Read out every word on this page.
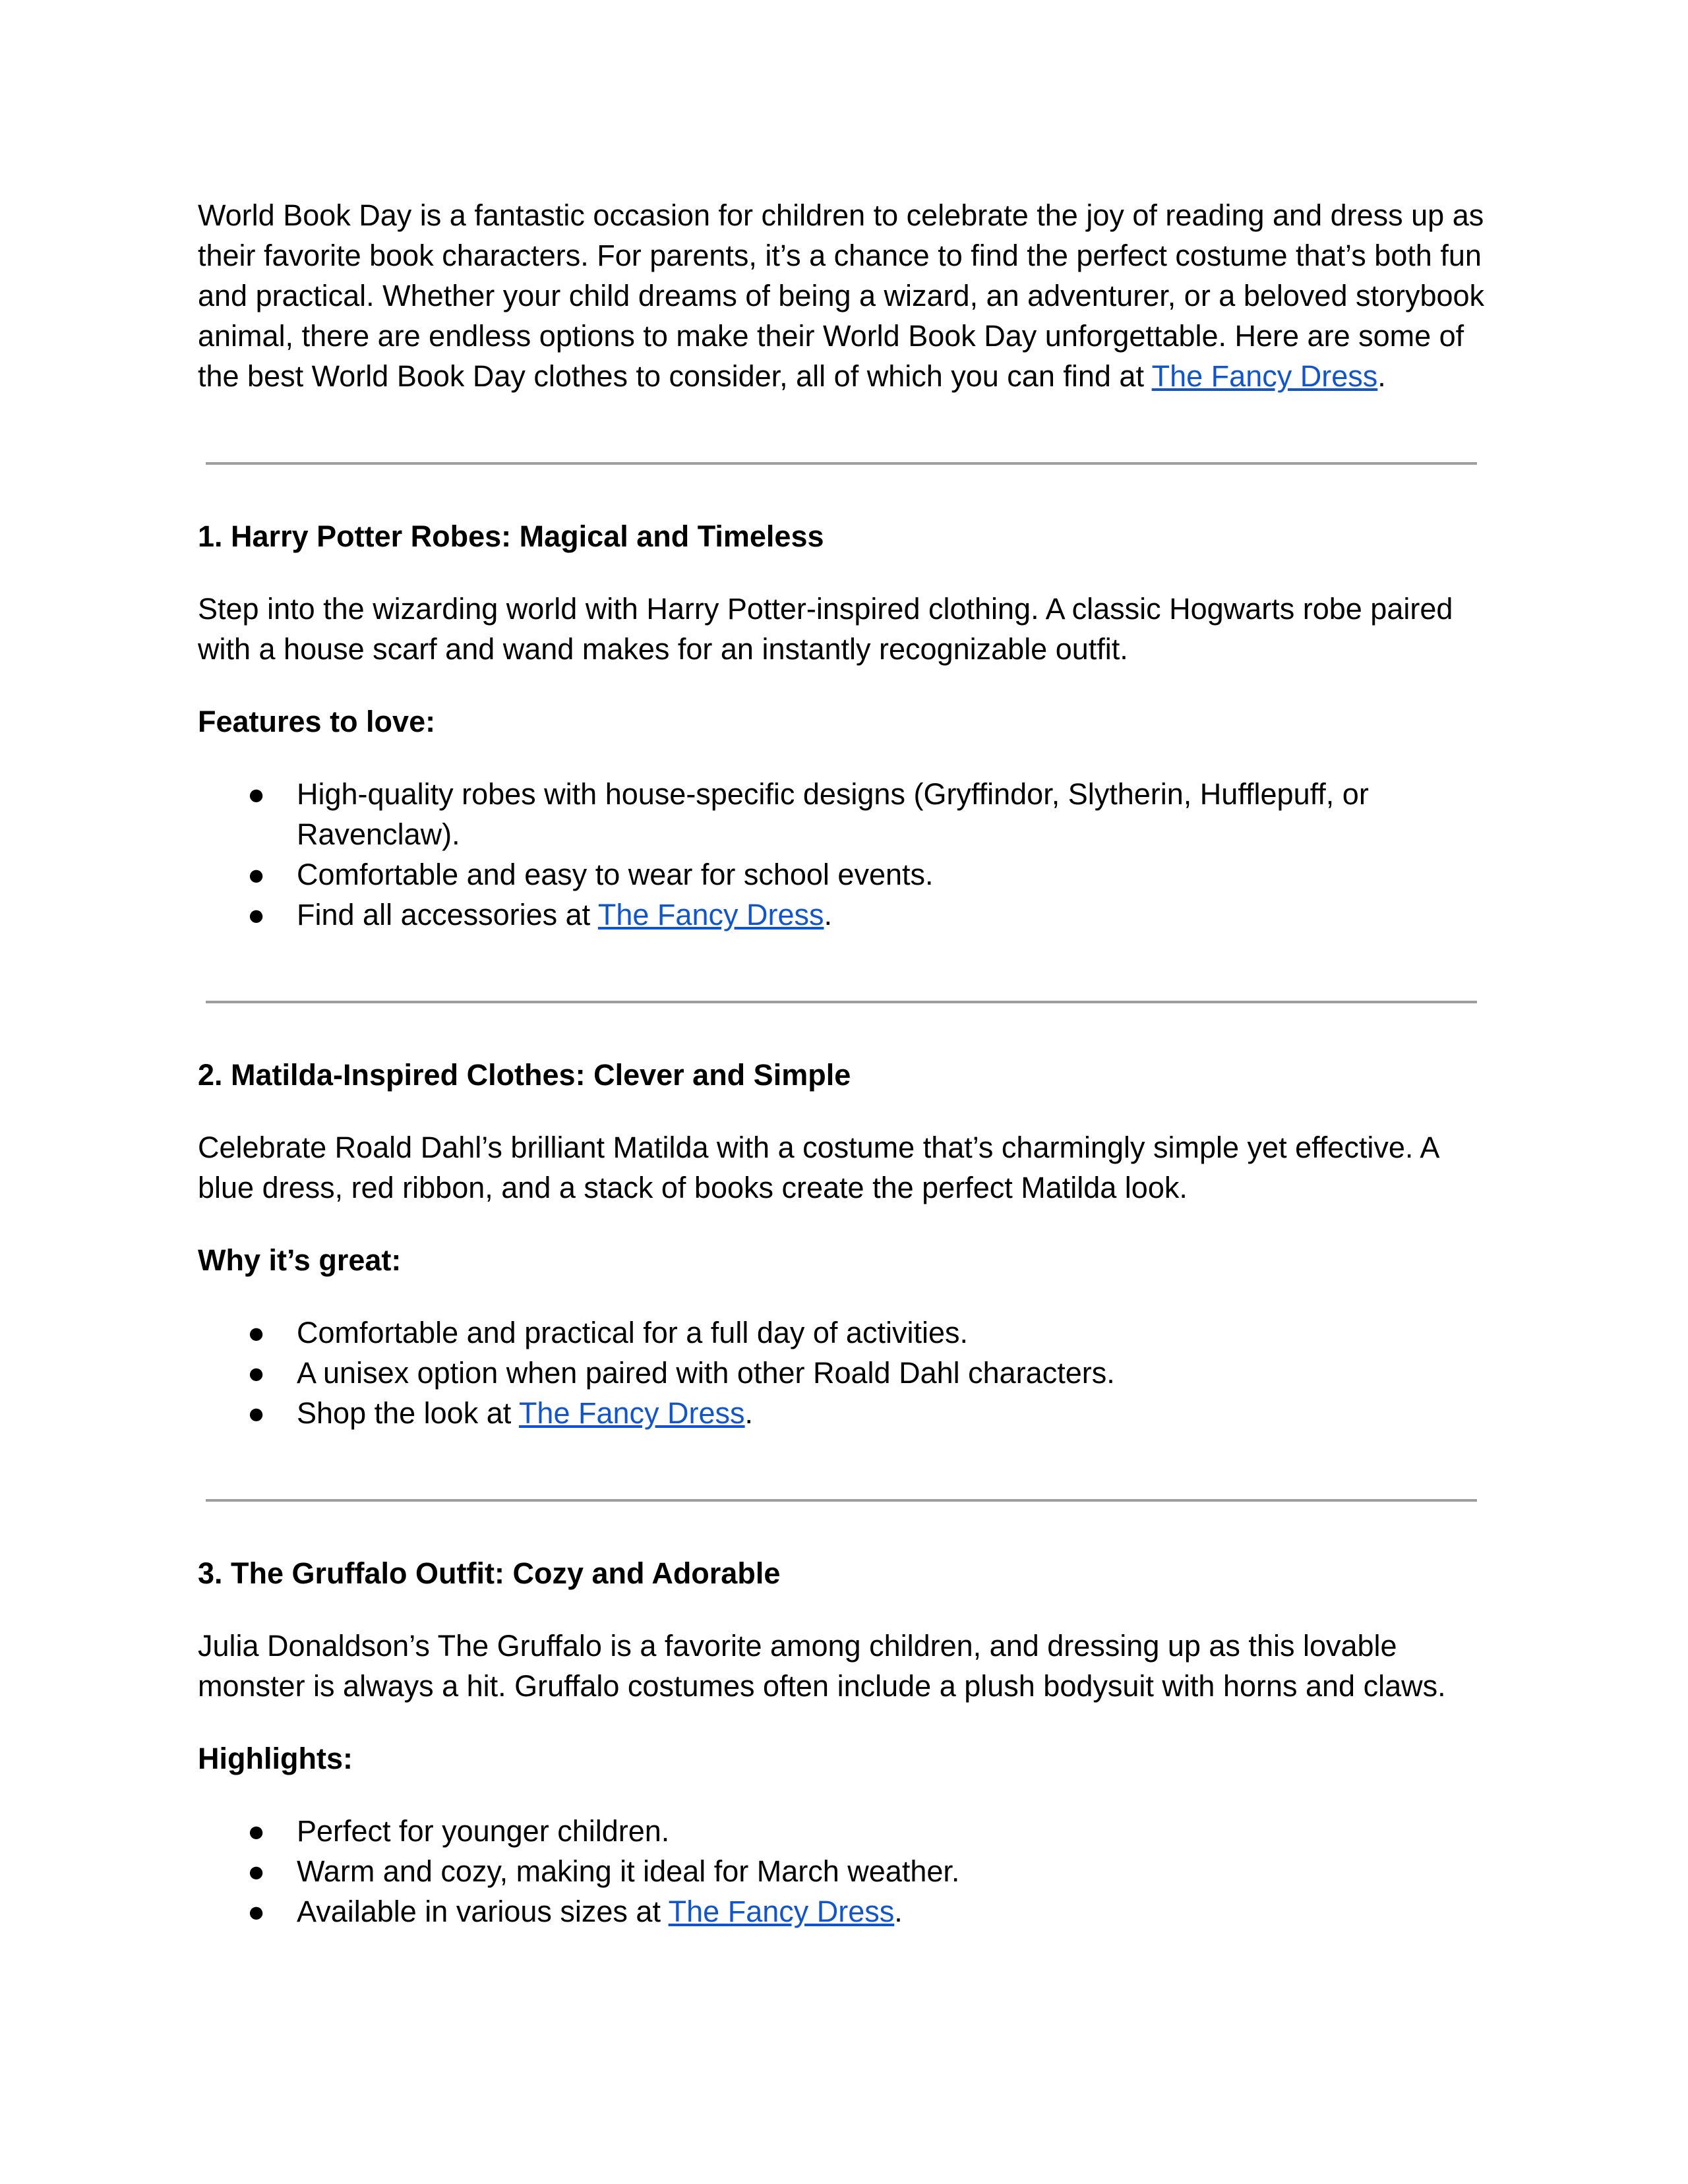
World Book Day is a fantastic occasion for children to celebrate the joy of reading and dress up as their favorite book characters. For parents, it’s a chance to find the perfect costume that’s both fun and practical. Whether your child dreams of being a wizard, an adventurer, or a beloved storybook animal, there are endless options to make their World Book Day unforgettable. Here are some of the best World Book Day clothes to consider, all of which you can find at The Fancy Dress.

1. Harry Potter Robes: Magical and Timeless

Step into the wizarding world with Harry Potter-inspired clothing. A classic Hogwarts robe paired with a house scarf and wand makes for an instantly recognizable outfit.

Features to love:

● High-quality robes with house-specific designs (Gryffindor, Slytherin, Hufflepuff, or Ravenclaw).
● Comfortable and easy to wear for school events.
● Find all accessories at The Fancy Dress.
2. Matilda-Inspired Clothes: Clever and Simple

Celebrate Roald Dahl’s brilliant Matilda with a costume that’s charmingly simple yet effective. A blue dress, red ribbon, and a stack of books create the perfect Matilda look.

Why it’s great:

● Comfortable and practical for a full day of activities.
● A unisex option when paired with other Roald Dahl characters.
● Shop the look at The Fancy Dress.
3. The Gruffalo Outfit: Cozy and Adorable

Julia Donaldson’s The Gruffalo is a favorite among children, and dressing up as this lovable monster is always a hit. Gruffalo costumes often include a plush bodysuit with horns and claws.

Highlights:

● Perfect for younger children.
● Warm and cozy, making it ideal for March weather.
● Available in various sizes at The Fancy Dress.
